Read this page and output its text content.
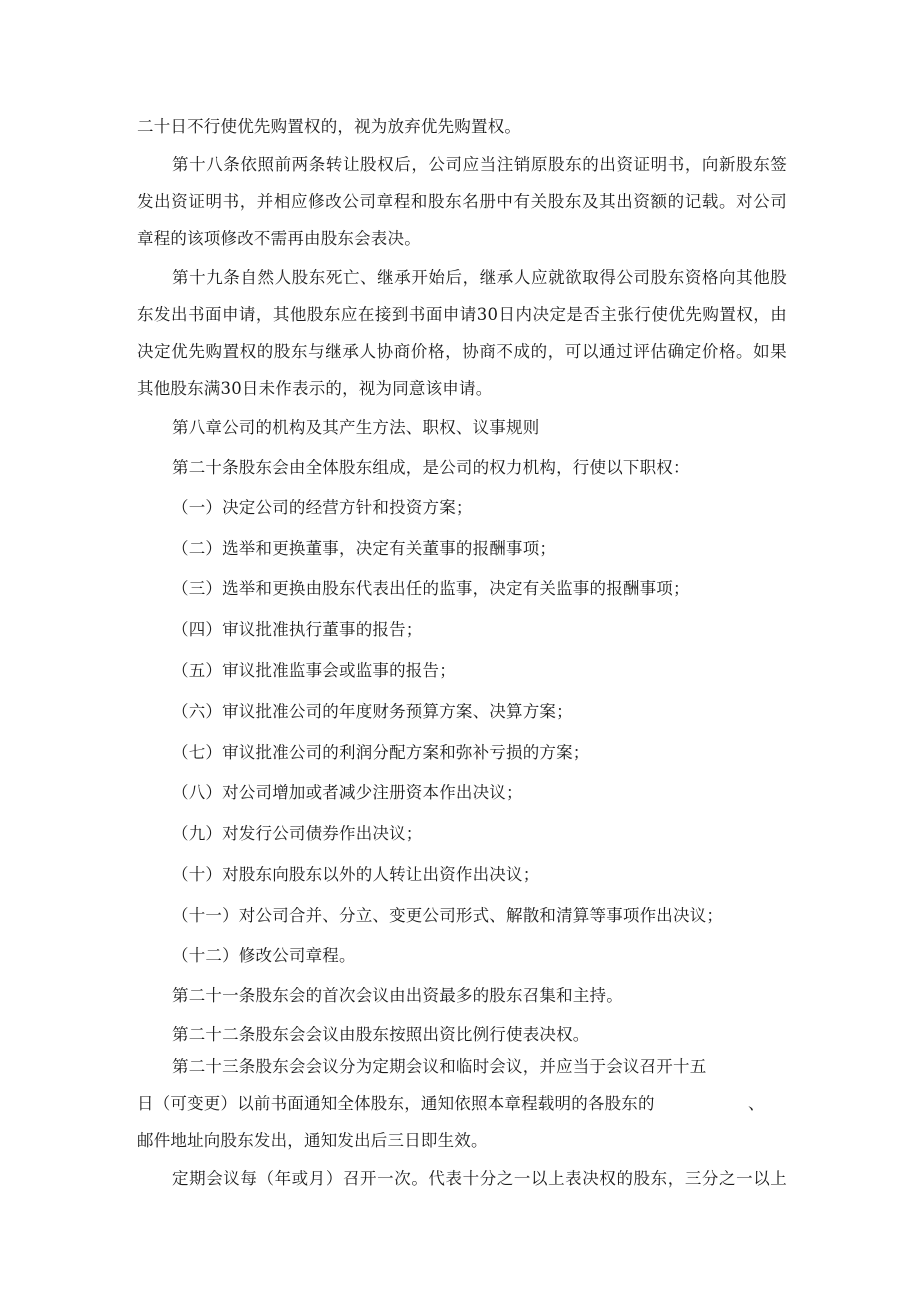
二十日不行使优先购置权的，视为放弃优先购置权。
第十八条依照前两条转让股权后，公司应当注销原股东的出资证明书，向新股东签
发出资证明书，并相应修改公司章程和股东名册中有关股东及其出资额的记载。对公司
章程的该项修改不需再由股东会表决。
第十九条自然人股东死亡、继承开始后，继承人应就欲取得公司股东资格向其他股
东发出书面申请，其他股东应在接到书面申请30日内决定是否主张行使优先购置权，由
决定优先购置权的股东与继承人协商价格，协商不成的，可以通过评估确定价格。如果
其他股东满30日未作表示的，视为同意该申请。
第八章公司的机构及其产生方法、职权、议事规则
第二十条股东会由全体股东组成，是公司的权力机构，行使以下职权：
（一）决定公司的经营方针和投资方案；
（二）选举和更换董事，决定有关董事的报酬事项；
（三）选举和更换由股东代表出任的监事，决定有关监事的报酬事项；
（四）审议批准执行董事的报告；
（五）审议批准监事会或监事的报告；
（六）审议批准公司的年度财务预算方案、决算方案；
（七）审议批准公司的利润分配方案和弥补亏损的方案；
（八）对公司增加或者减少注册资本作出决议；
（九）对发行公司债券作出决议；
（十）对股东向股东以外的人转让出资作出决议；
（十一）对公司合并、分立、变更公司形式、解散和清算等事项作出决议；
（十二）修改公司章程。
第二十一条股东会的首次会议由出资最多的股东召集和主持。
第二十二条股东会会议由股东按照出资比例行使表决权。
第二十三条股东会会议分为定期会议和临时会议，并应当于会议召开十五
日（可变更）以前书面通知全体股东，通知依照本章程载明的各股东的	、
邮件地址向股东发出，通知发出后三日即生效。
定期会议每（年或月）召开一次。代表十分之一以上表决权的股东，三分之一以上
